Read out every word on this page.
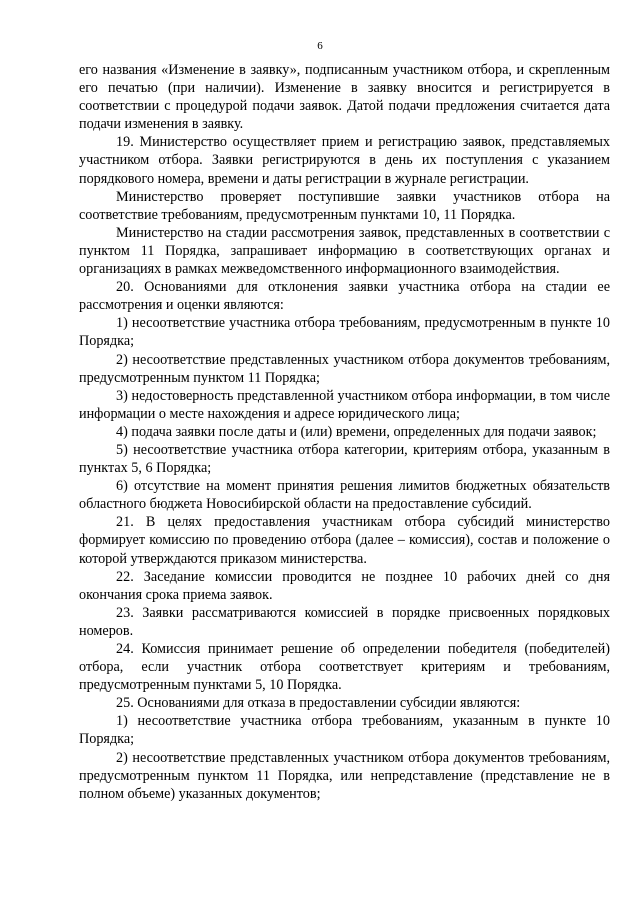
6

его названия «Изменение в заявку», подписанным участником отбора, и скрепленным его печатью (при наличии). Изменение в заявку вносится и регистрируется в соответствии с процедурой подачи заявок. Датой подачи предложения считается дата подачи изменения в заявку.

19. Министерство осуществляет прием и регистрацию заявок, представляемых участником отбора. Заявки регистрируются в день их поступления с указанием порядкового номера, времени и даты регистрации в журнале регистрации.

Министерство проверяет поступившие заявки участников отбора на соответствие требованиям, предусмотренным пунктами 10, 11 Порядка.

Министерство на стадии рассмотрения заявок, представленных в соответствии с пунктом 11 Порядка, запрашивает информацию в соответствующих органах и организациях в рамках межведомственного информационного взаимодействия.

20. Основаниями для отклонения заявки участника отбора на стадии ее рассмотрения и оценки являются:

1) несоответствие участника отбора требованиям, предусмотренным в пункте 10 Порядка;

2) несоответствие представленных участником отбора документов требованиям, предусмотренным пунктом 11 Порядка;

3) недостоверность представленной участником отбора информации, в том числе информации о месте нахождения и адресе юридического лица;

4) подача заявки после даты и (или) времени, определенных для подачи заявок;

5) несоответствие участника отбора категории, критериям отбора, указанным в пунктах 5, 6 Порядка;

6) отсутствие на момент принятия решения лимитов бюджетных обязательств областного бюджета Новосибирской области на предоставление субсидий.

21. В целях предоставления участникам отбора субсидий министерство формирует комиссию по проведению отбора (далее – комиссия), состав и положение о которой утверждаются приказом министерства.

22. Заседание комиссии проводится не позднее 10 рабочих дней со дня окончания срока приема заявок.

23. Заявки рассматриваются комиссией в порядке присвоенных порядковых номеров.

24. Комиссия принимает решение об определении победителя (победителей) отбора, если участник отбора соответствует критериям и требованиям, предусмотренным пунктами 5, 10 Порядка.

25. Основаниями для отказа в предоставлении субсидии являются:

1) несоответствие участника отбора требованиям, указанным в пункте 10 Порядка;

2) несоответствие представленных участником отбора документов требованиям, предусмотренным пунктом 11 Порядка, или непредставление (представление не в полном объеме) указанных документов;
